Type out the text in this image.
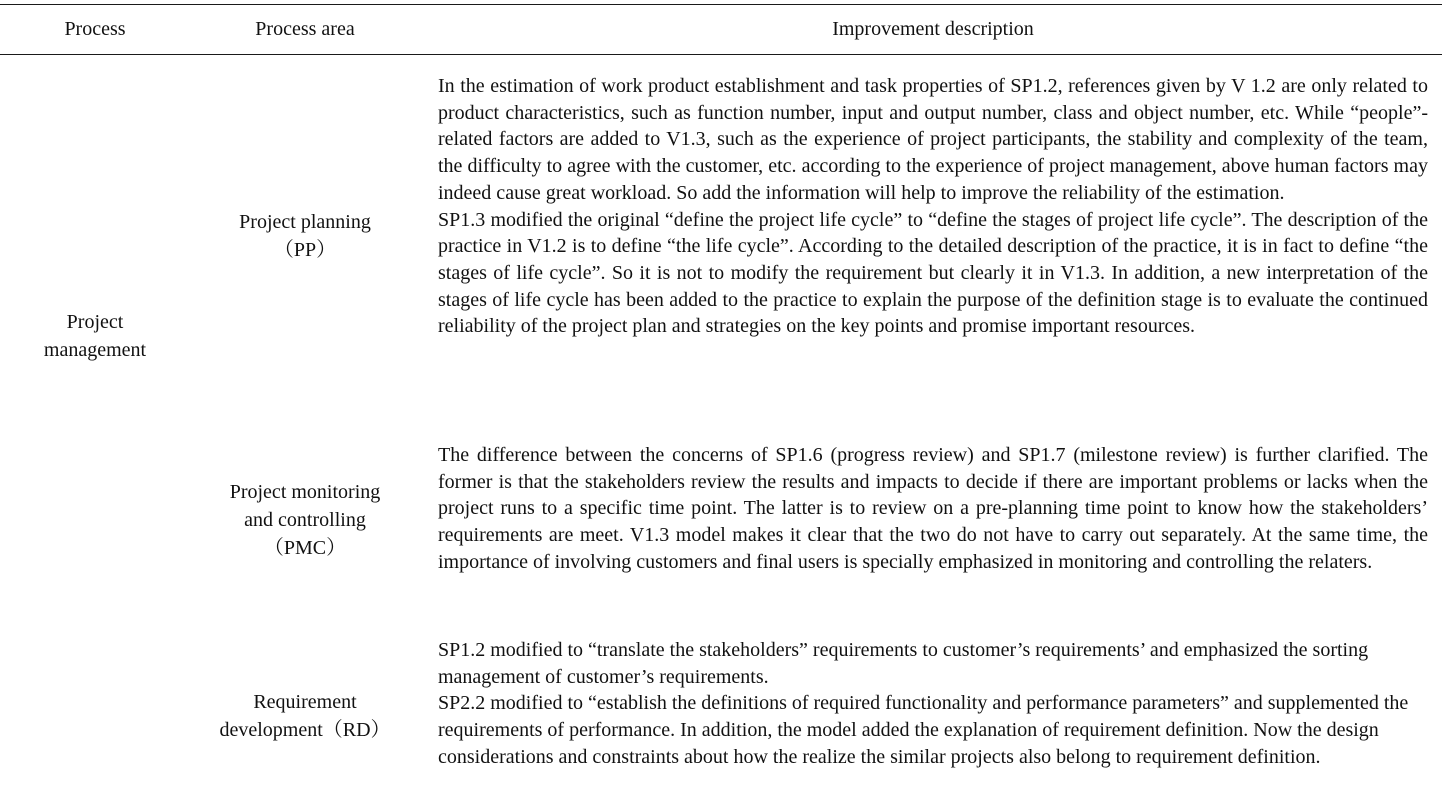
Process	Process area	Improvement description
Project
management
Project planning
（PP）
Project monitoring
and controlling
（PMC）
Requirement
development（RD）

In the estimation of work product establishment and task properties of SP1.2, references given by V 1.2 are only related to product characteristics, such as function number, input and output number, class and object number, etc. While “people”-related factors are added to V1.3, such as the experience of project participants, the stability and complexity of the team, the difficulty to agree with the customer, etc. according to the experience of project management, above human factors may indeed cause great workload. So add the information will help to improve the reliability of the estimation.

SP1.3 modified the original “define the project life cycle” to “define the stages of project life cycle”. The description of the practice in V1.2 is to define “the life cycle”. According to the detailed description of the practice, it is in fact to define “the stages of life cycle”. So it is not to modify the requirement but clearly it in V1.3. In addition, a new interpretation of the stages of life cycle has been added to the practice to explain the purpose of the definition stage is to evaluate the continued reliability of the project plan and strategies on the key points and promise important resources.

The difference between the concerns of SP1.6 (progress review) and SP1.7 (milestone review) is further clarified. The former is that the stakeholders review the results and impacts to decide if there are important problems or lacks when the project runs to a specific time point. The latter is to review on a pre-planning time point to know how the stakeholders’ requirements are meet. V1.3 model makes it clear that the two do not have to carry out separately. At the same time, the importance of involving customers and final users is specially emphasized in monitoring and controlling the relaters.

SP1.2 modified to “translate the stakeholders” requirements to customer’s requirements’ and emphasized the sorting management of customer’s requirements.

SP2.2 modified to “establish the definitions of required functionality and performance parameters” and supplemented the requirements of performance. In addition, the model added the explanation of requirement definition. Now the design considerations and constraints about how the realize the similar projects also belong to requirement definition.
